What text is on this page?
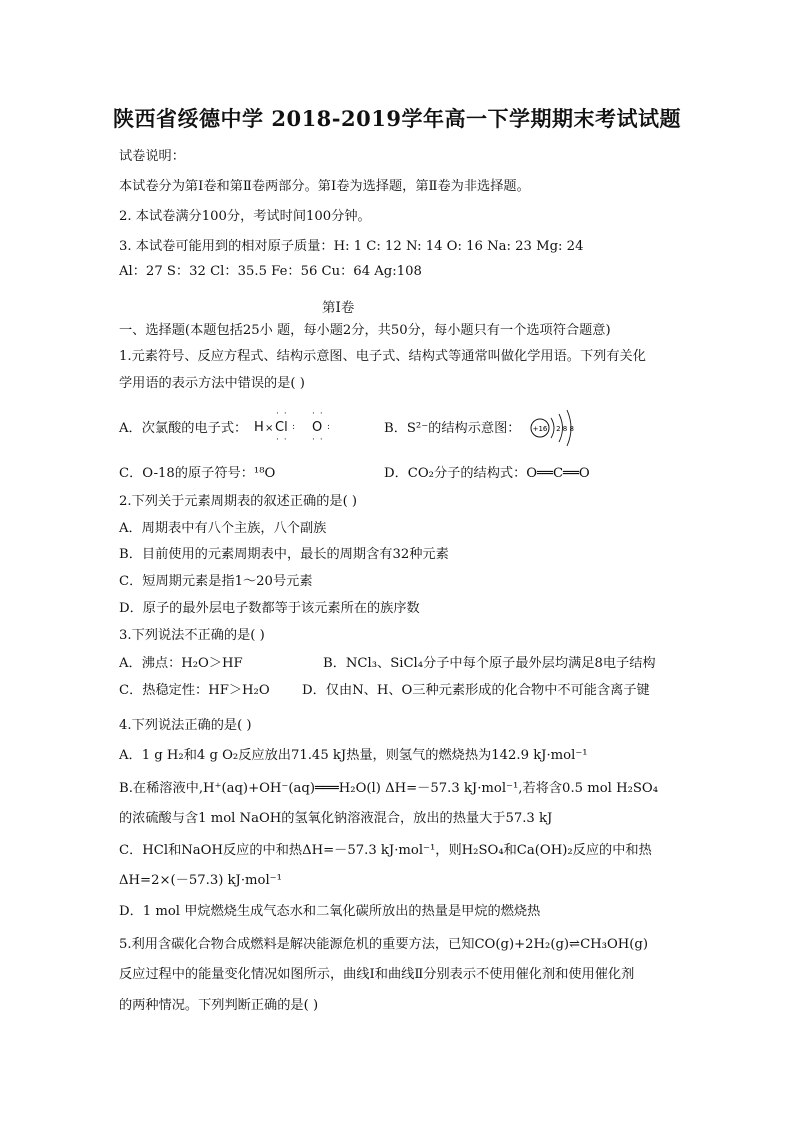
陕西省绥德中学 2018-2019学年高一下学期期末考试试题
试卷说明：
本试卷分为第Ⅰ卷和第Ⅱ卷两部分。第Ⅰ卷为选择题，第Ⅱ卷为非选择题。
2. 本试卷满分100分，考试时间100分钟。
3. 本试卷可能用到的相对原子质量：H: 1 C: 12 N: 14 O: 16 Na: 23 Mg: 24
Al：27 S：32 Cl：35.5 Fe：56 Cu：64 Ag:108
第Ⅰ卷
一、选择题(本题包括25小 题，每小题2分，共50分，每小题只有一个选项符合题意)
1.元素符号、反应方程式、结构示意图、电子式、结构式等通常叫做化学用语。下列有关化
学用语的表示方法中错误的是( )
A．次氯酸的电子式： H × Cl
··
··
: O
··
··
:	B．S²⁻的结构示意图： +16 2 8 8
C．O-18的原子符号：¹⁸O	D．CO₂分子的结构式：O══C══O
2.下列关于元素周期表的叙述正确的是( )
A．周期表中有八个主族，八个副族
B．目前使用的元素周期表中，最长的周期含有32种元素
C．短周期元素是指1～20号元素
D．原子的最外层电子数都等于该元素所在的族序数
3.下列说法不正确的是( )
A．沸点：H₂O＞HF	B．NCl₃、SiCl₄分子中每个原子最外层均满足8电子结构
C．热稳定性：HF＞H₂O D．仅由N、H、O三种元素形成的化合物中不可能含离子键
4.下列说法正确的是( )
A．1 g H₂和4 g O₂反应放出71.45 kJ热量，则氢气的燃烧热为142.9 kJ·mol⁻¹
B.在稀溶液中,H⁺(aq)+OH⁻(aq)═══H₂O(l) ΔH=－57.3 kJ·mol⁻¹,若将含0.5 mol H₂SO₄
的浓硫酸与含1 mol NaOH的氢氧化钠溶液混合，放出的热量大于57.3 kJ
C．HCl和NaOH反应的中和热ΔH=－57.3 kJ·mol⁻¹，则H₂SO₄和Ca(OH)₂反应的中和热
ΔH=2×(－57.3) kJ·mol⁻¹
D．1 mol 甲烷燃烧生成气态水和二氧化碳所放出的热量是甲烷的燃烧热
5.利用含碳化合物合成燃料是解决能源危机的重要方法，已知CO(g)+2H₂(g)⇌CH₃OH(g)
反应过程中的能量变化情况如图所示，曲线Ⅰ和曲线Ⅱ分别表示不使用催化剂和使用催化剂
的两种情况。下列判断正确的是( )
